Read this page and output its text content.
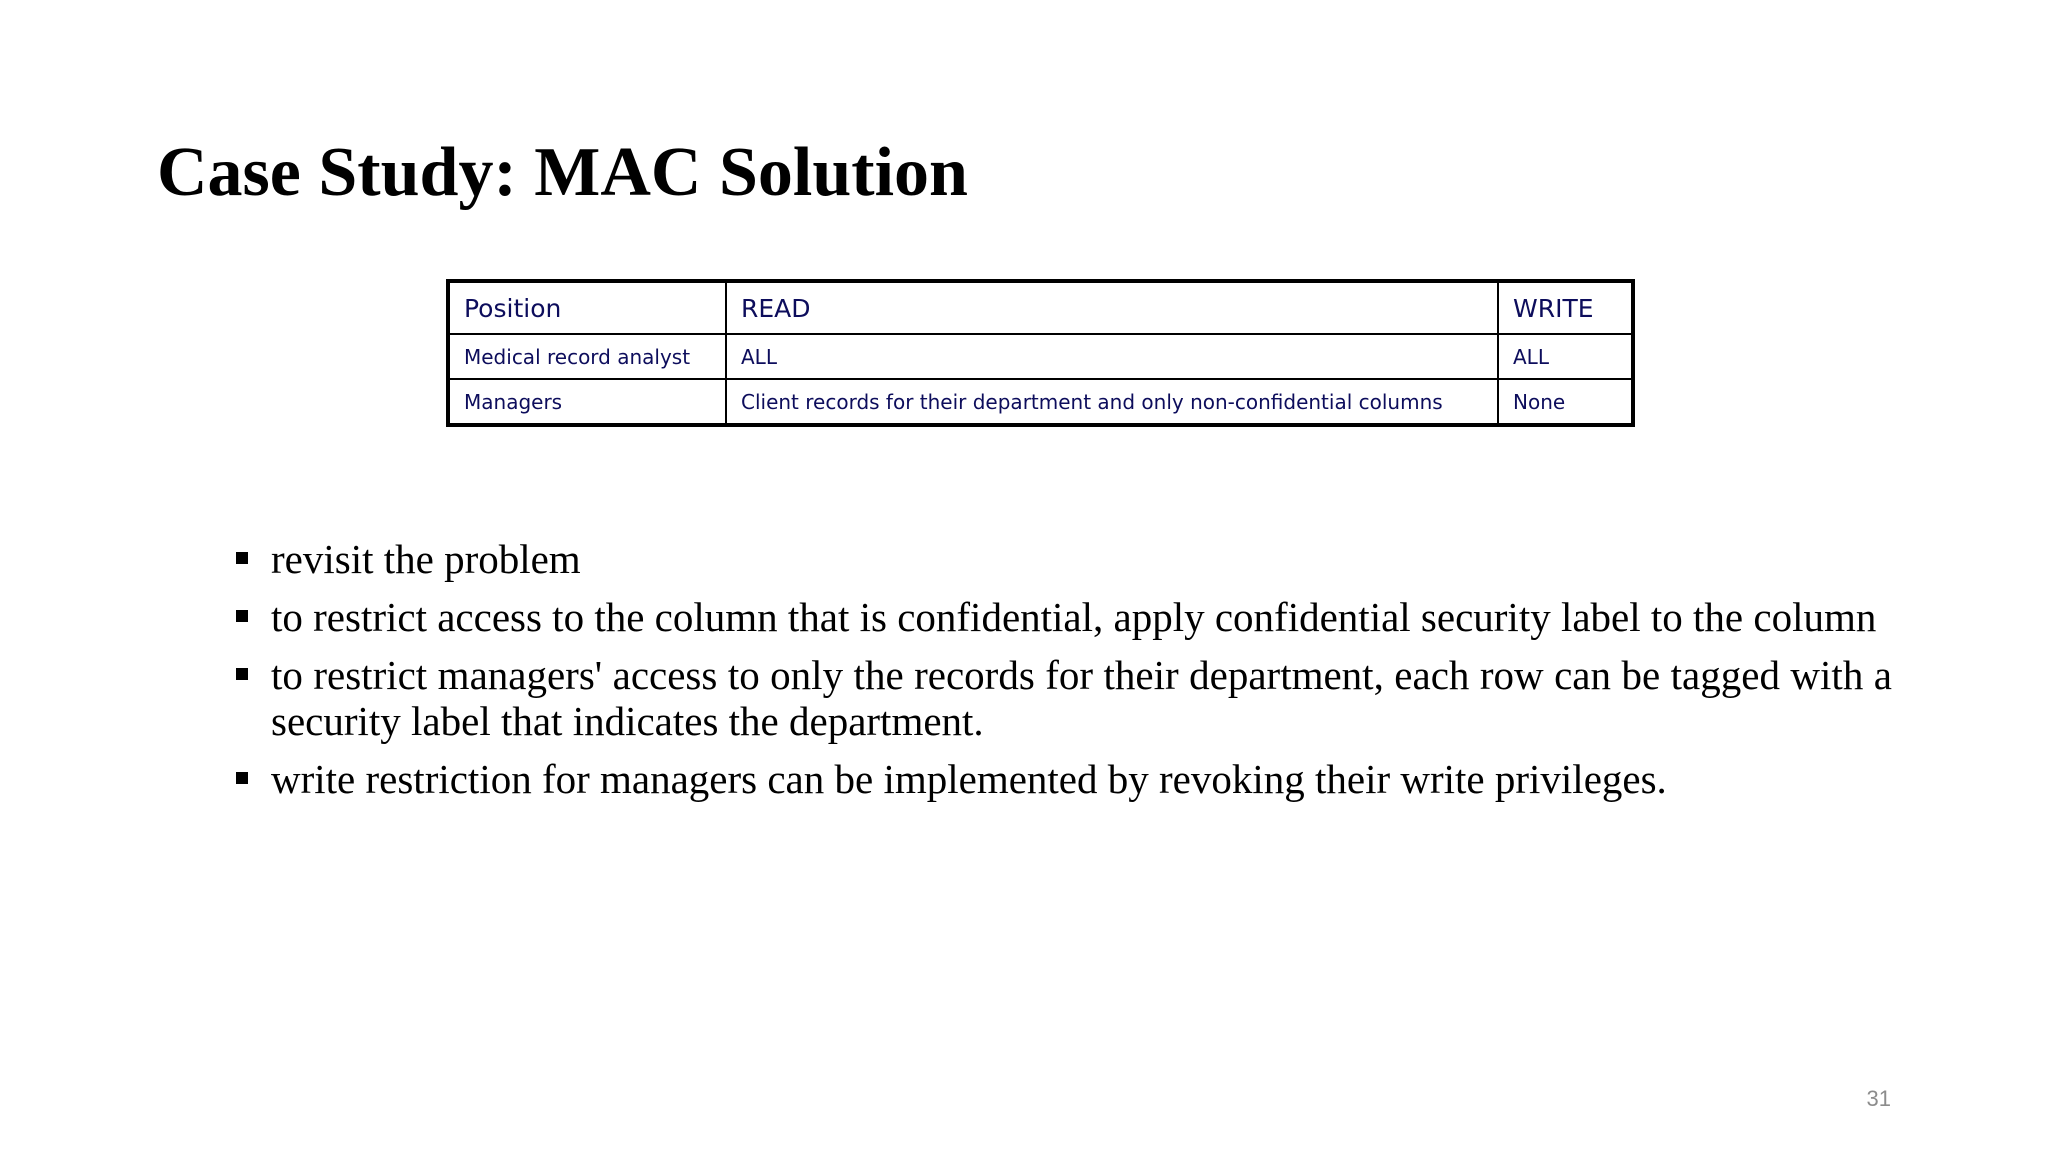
Case Study: MAC Solution
Position	READ	WRITE
Medical record analyst	ALL	ALL
Managers	Client records for their department and only non-confidential columns	None
revisit the problem
to restrict access to the column that is confidential, apply confidential security label to the column
to restrict managers' access to only the records for their department, each row can be tagged with a security label that indicates the department.
write restriction for managers can be implemented by revoking their write privileges.
31
